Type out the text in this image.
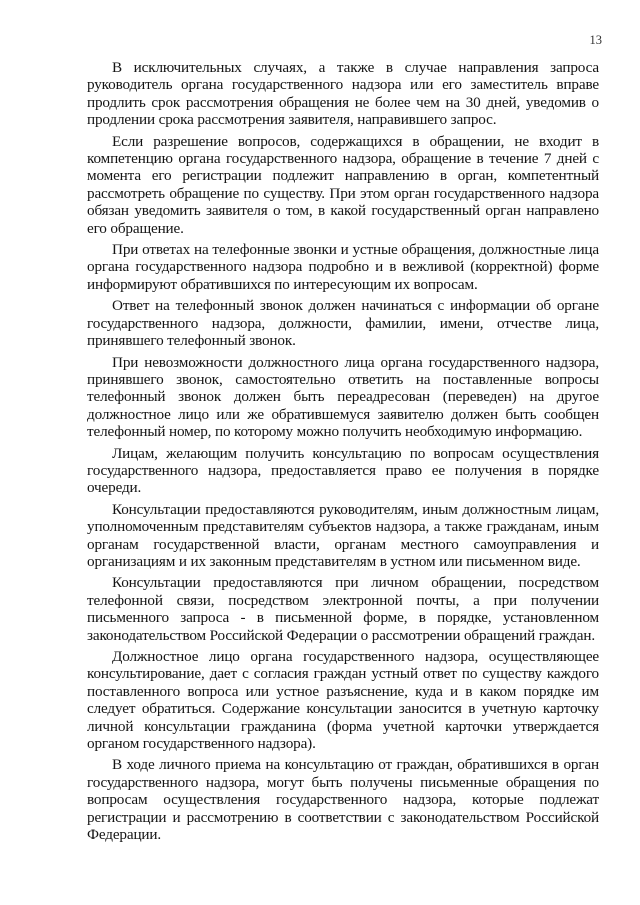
13

В исключительных случаях, а также в случае направления запроса руководитель органа государственного надзора или его заместитель вправе продлить срок рассмотрения обращения не более чем на 30 дней, уведомив о продлении срока рассмотрения заявителя, направившего запрос.

Если разрешение вопросов, содержащихся в обращении, не входит в компетенцию органа государственного надзора, обращение в течение 7 дней с момента его регистрации подлежит направлению в орган, компетентный рассмотреть обращение по существу. При этом орган государственного надзора обязан уведомить заявителя о том, в какой государственный орган направлено его обращение.

При ответах на телефонные звонки и устные обращения, должностные лица органа государственного надзора подробно и в вежливой (корректной) форме информируют обратившихся по интересующим их вопросам.

Ответ на телефонный звонок должен начинаться с информации об органе государственного надзора, должности, фамилии, имени, отчестве лица, принявшего телефонный звонок.

При невозможности должностного лица органа государственного надзора, принявшего звонок, самостоятельно ответить на поставленные вопросы телефонный звонок должен быть переадресован (переведен) на другое должностное лицо или же обратившемуся заявителю должен быть сообщен телефонный номер, по которому можно получить необходимую информацию.

Лицам, желающим получить консультацию по вопросам осуществления государственного надзора, предоставляется право ее получения в порядке очереди.

Консультации предоставляются руководителям, иным должностным лицам, уполномоченным представителям субъектов надзора, а также гражданам, иным органам государственной власти, органам местного самоуправления и организациям и их законным представителям в устном или письменном виде.

Консультации предоставляются при личном обращении, посредством телефонной связи, посредством электронной почты, а при получении письменного запроса - в письменной форме, в порядке, установленном законодательством Российской Федерации о рассмотрении обращений граждан.

Должностное лицо органа государственного надзора, осуществляющее консультирование, дает с согласия граждан устный ответ по существу каждого поставленного вопроса или устное разъяснение, куда и в каком порядке им следует обратиться. Содержание консультации заносится в учетную карточку личной консультации гражданина (форма учетной карточки утверждается органом государственного надзора).

В ходе личного приема на консультацию от граждан, обратившихся в орган государственного надзора, могут быть получены письменные обращения по вопросам осуществления государственного надзора, которые подлежат регистрации и рассмотрению в соответствии с законодательством Российской Федерации.
